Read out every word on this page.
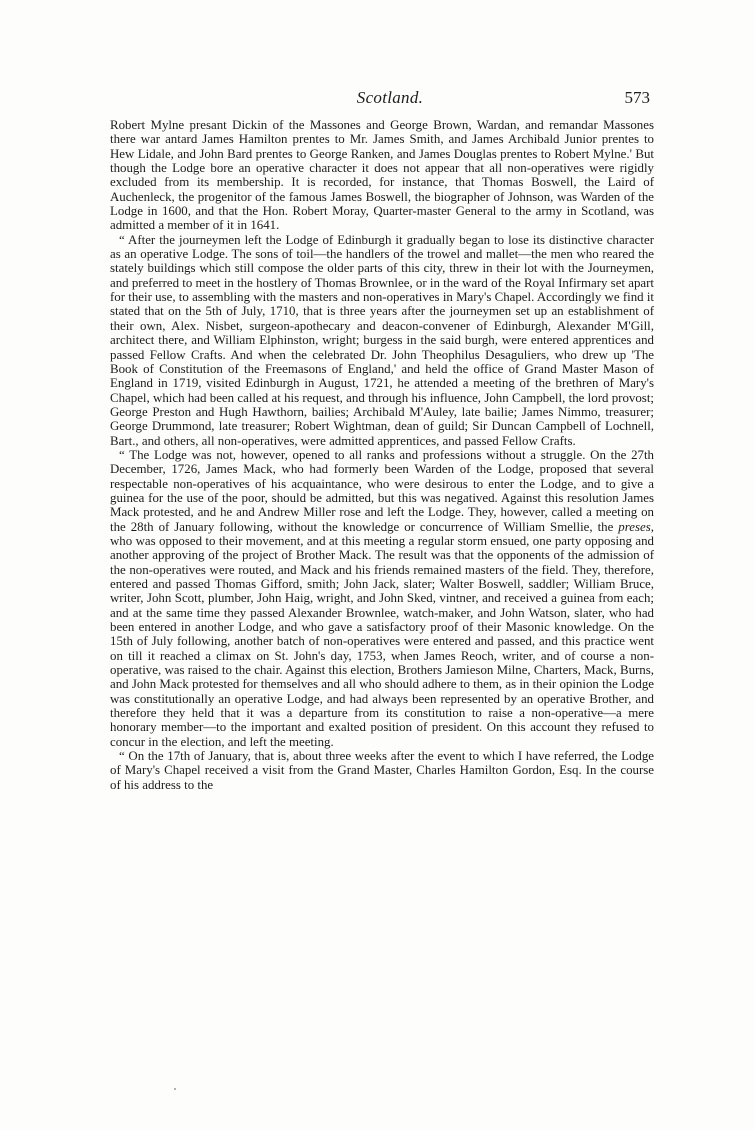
Scotland.	573

Robert Mylne presant Dickin of the Massones and George Brown, Wardan, and remandar Massones there war antard James Hamilton prentes to Mr. James Smith, and James Archibald Junior prentes to Hew Lidale, and John Bard prentes to George Ranken, and James Douglas prentes to Robert Mylne.' But though the Lodge bore an operative character it does not appear that all non-operatives were rigidly excluded from its membership. It is recorded, for instance, that Thomas Boswell, the Laird of Auchenleck, the progenitor of the famous James Boswell, the biographer of Johnson, was Warden of the Lodge in 1600, and that the Hon. Robert Moray, Quarter-master General to the army in Scotland, was admitted a member of it in 1641.

“ After the journeymen left the Lodge of Edinburgh it gradually began to lose its distinctive character as an operative Lodge. The sons of toil—the handlers of the trowel and mallet—the men who reared the stately buildings which still compose the older parts of this city, threw in their lot with the Journeymen, and preferred to meet in the hostlery of Thomas Brownlee, or in the ward of the Royal Infirmary set apart for their use, to assembling with the masters and non-operatives in Mary's Chapel. Accordingly we find it stated that on the 5th of July, 1710, that is three years after the journeymen set up an establishment of their own, Alex. Nisbet, surgeon-apothecary and deacon-convener of Edinburgh, Alexander M'Gill, architect there, and William Elphinston, wright; burgess in the said burgh, were entered apprentices and passed Fellow Crafts. And when the celebrated Dr. John Theophilus Desaguliers, who drew up 'The Book of Constitution of the Freemasons of England,' and held the office of Grand Master Mason of England in 1719, visited Edinburgh in August, 1721, he attended a meeting of the brethren of Mary's Chapel, which had been called at his request, and through his influence, John Campbell, the lord provost; George Preston and Hugh Hawthorn, bailies; Archibald M'Auley, late bailie; James Nimmo, treasurer; George Drummond, late treasurer; Robert Wightman, dean of guild; Sir Duncan Campbell of Lochnell, Bart., and others, all non-operatives, were admitted apprentices, and passed Fellow Crafts.

“ The Lodge was not, however, opened to all ranks and professions without a struggle. On the 27th December, 1726, James Mack, who had formerly been Warden of the Lodge, proposed that several respectable non-operatives of his acquaintance, who were desirous to enter the Lodge, and to give a guinea for the use of the poor, should be admitted, but this was negatived. Against this resolution James Mack protested, and he and Andrew Miller rose and left the Lodge. They, however, called a meeting on the 28th of January following, without the knowledge or concurrence of William Smellie, the preses, who was opposed to their movement, and at this meeting a regular storm ensued, one party opposing and another approving of the project of Brother Mack. The result was that the opponents of the admission of the non-operatives were routed, and Mack and his friends remained masters of the field. They, therefore, entered and passed Thomas Gifford, smith; John Jack, slater; Walter Boswell, saddler; William Bruce, writer, John Scott, plumber, John Haig, wright, and John Sked, vintner, and received a guinea from each; and at the same time they passed Alexander Brownlee, watch-maker, and John Watson, slater, who had been entered in another Lodge, and who gave a satisfactory proof of their Masonic knowledge. On the 15th of July following, another batch of non-operatives were entered and passed, and this practice went on till it reached a climax on St. John's day, 1753, when James Reoch, writer, and of course a non-operative, was raised to the chair. Against this election, Brothers Jamieson Milne, Charters, Mack, Burns, and John Mack protested for themselves and all who should adhere to them, as in their opinion the Lodge was constitutionally an operative Lodge, and had always been represented by an operative Brother, and therefore they held that it was a departure from its constitution to raise a non-operative—a mere honorary member—to the important and exalted position of president. On this account they refused to concur in the election, and left the meeting.

“ On the 17th of January, that is, about three weeks after the event to which I have referred, the Lodge of Mary's Chapel received a visit from the Grand Master, Charles Hamilton Gordon, Esq. In the course of his address to the
